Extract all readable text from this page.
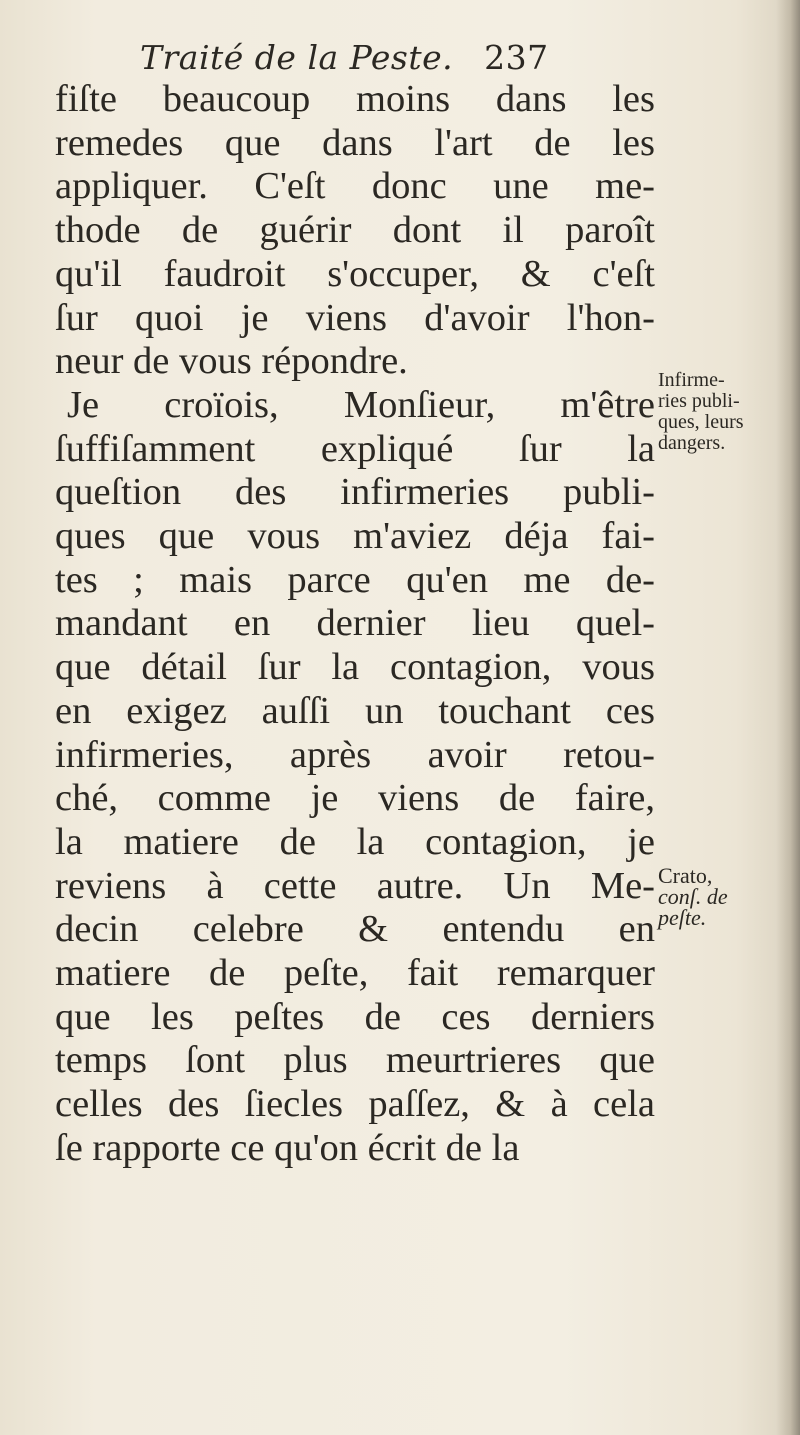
Traité de la Peste. 237
fiſte beaucoup moins dans les
remedes que dans l'art de les
appliquer. C'eſt donc une me-
thode de guérir dont il paroît
qu'il faudroit s'occuper, & c'eſt
ſur quoi je viens d'avoir l'hon-
neur de vous répondre.
Je croïois, Monſieur, m'être
ſuffiſamment expliqué ſur la
queſtion des infirmeries publi-
ques que vous m'aviez déja fai-
tes ; mais parce qu'en me de-
mandant en dernier lieu quel-
que détail ſur la contagion, vous
en exigez auſſi un touchant ces
infirmeries, après avoir retou-
ché, comme je viens de faire,
la matiere de la contagion, je
reviens à cette autre. Un Me-
decin celebre & entendu en
matiere de peſte, fait remarquer
que les peſtes de ces derniers
temps ſont plus meurtrieres que
celles des ſiecles paſſez, & à cela
ſe rapporte ce qu'on écrit de la
Infirme-
ries publi-
ques, leurs
dangers.
Crato,
conſ. de
peſte.
